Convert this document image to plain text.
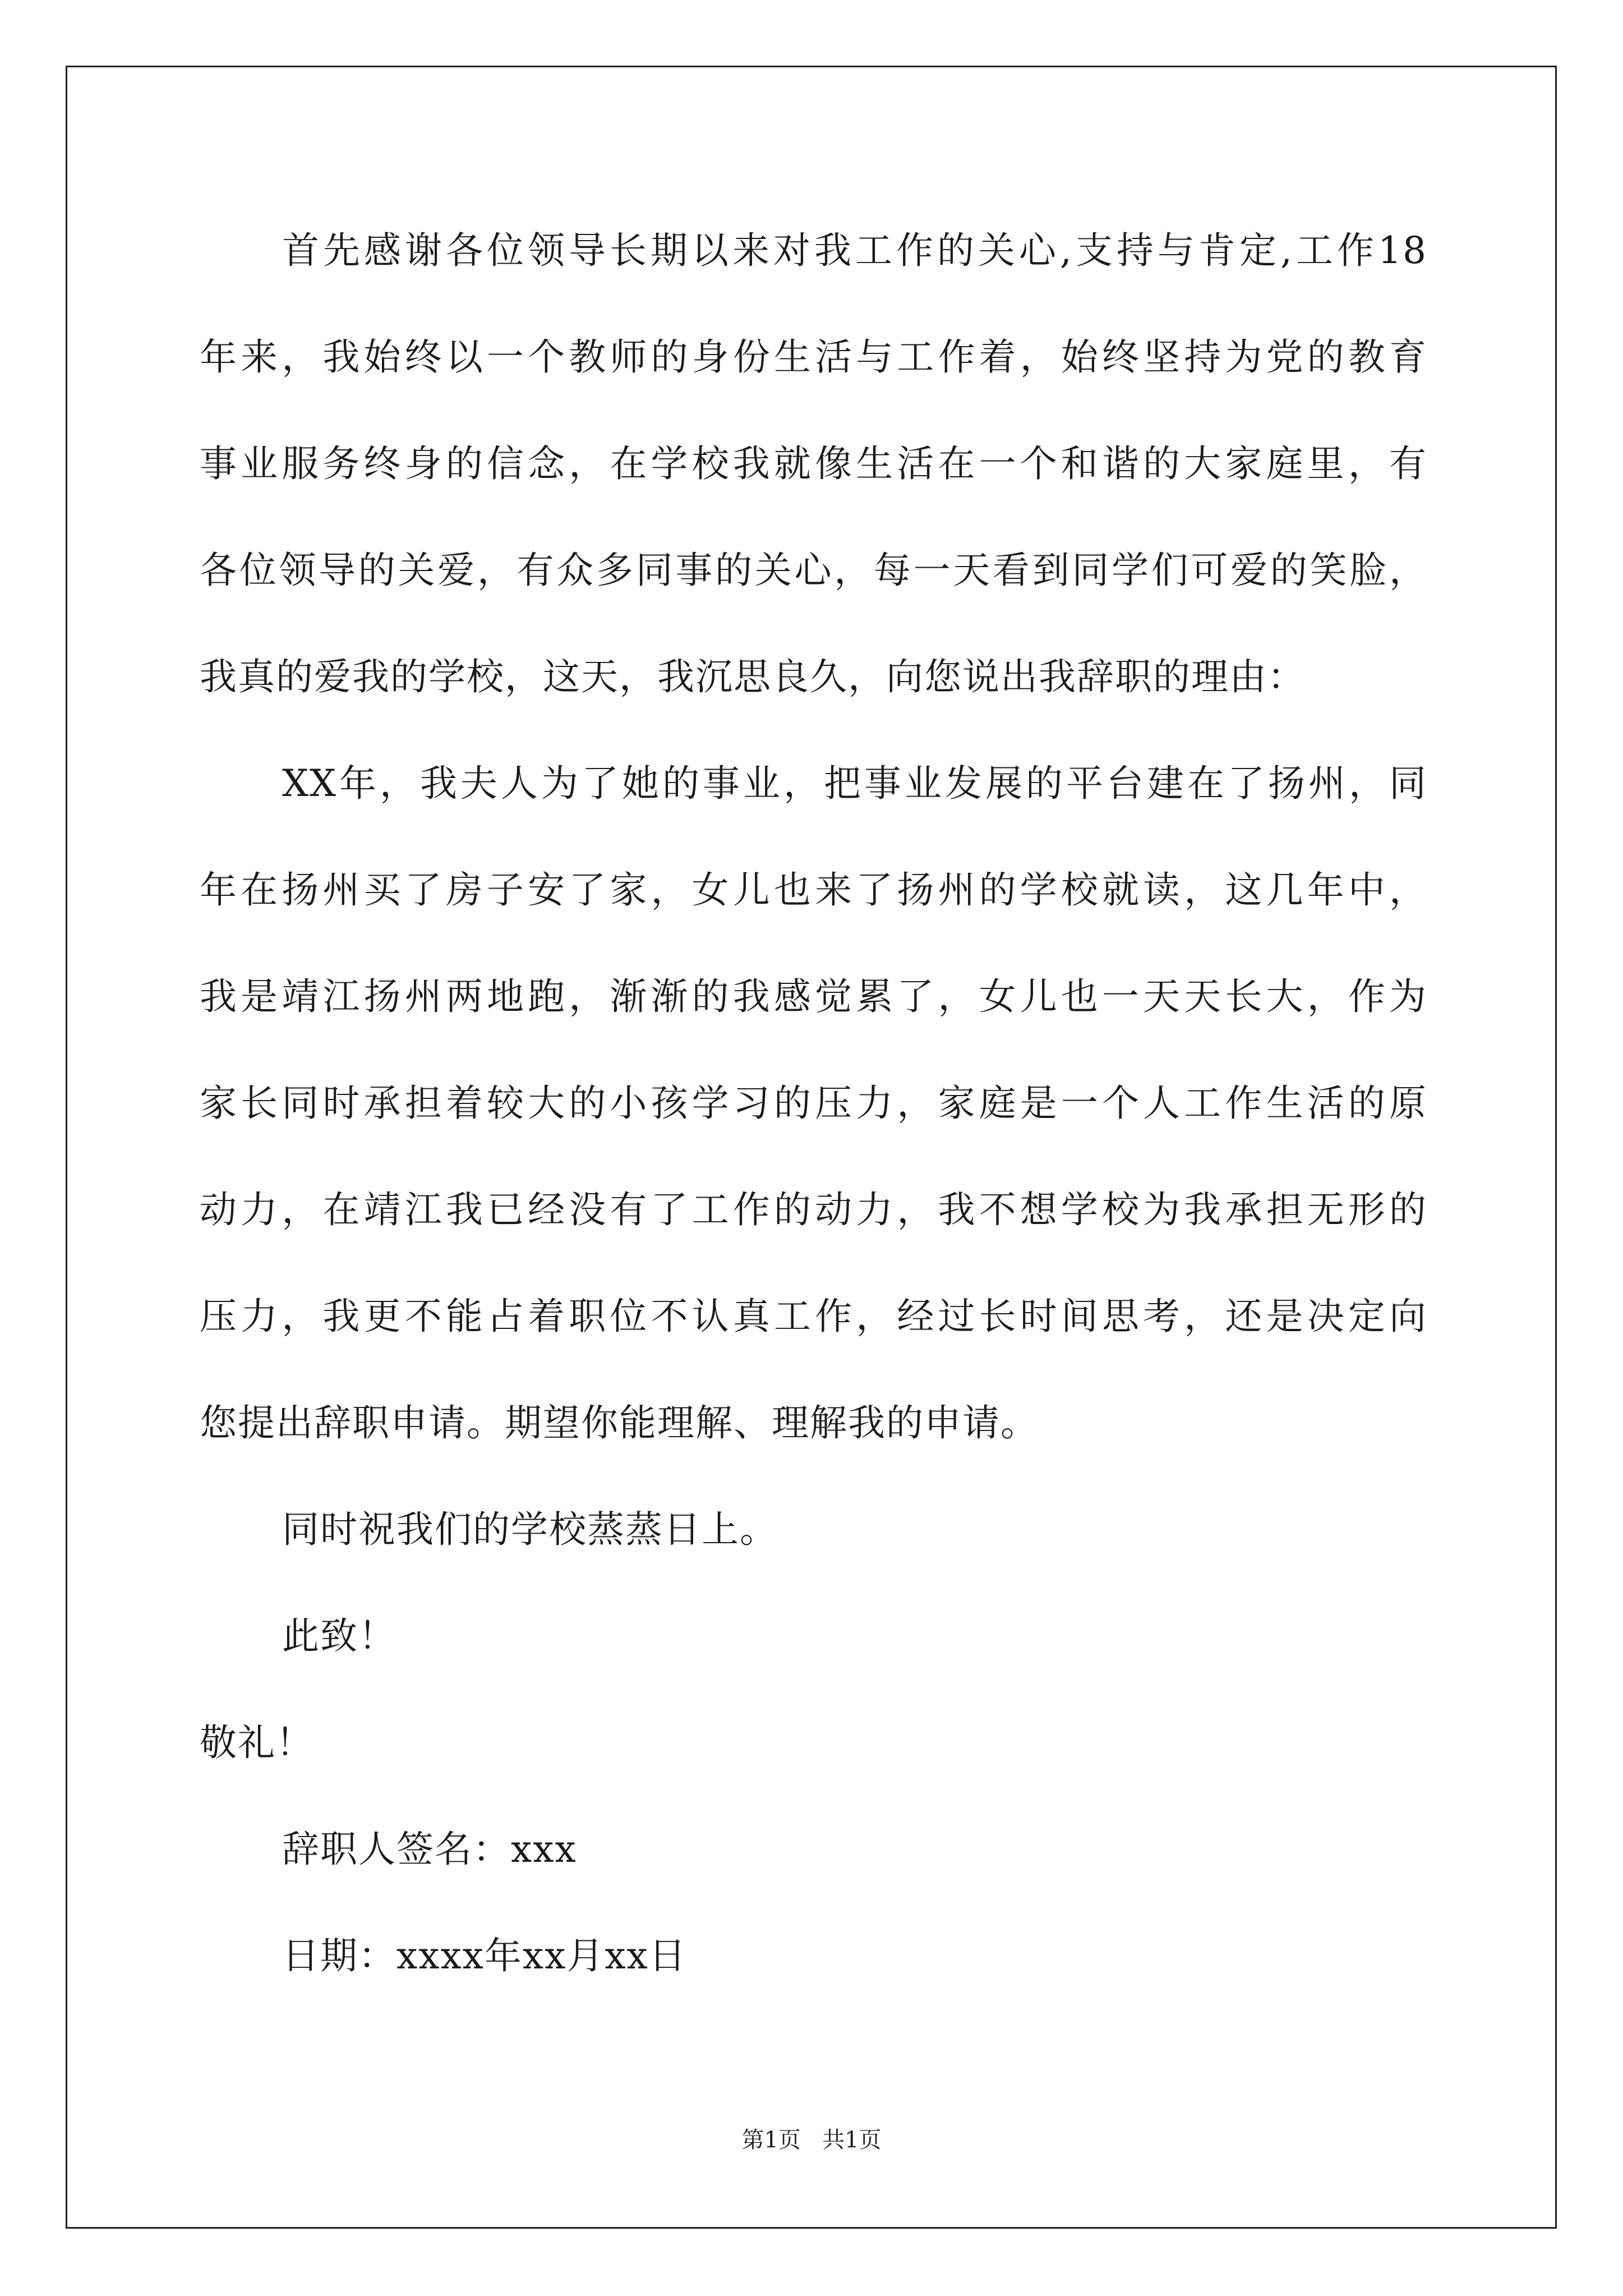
首先感谢各位领导长期以来对我工作的关心,支持与肯定,工作18
年来，我始终以一个教师的身份生活与工作着，始终坚持为党的教育
事业服务终身的信念，在学校我就像生活在一个和谐的大家庭里，有
各位领导的关爱，有众多同事的关心，每一天看到同学们可爱的笑脸，
我真的爱我的学校，这天，我沉思良久，向您说出我辞职的理由：
XX年，我夫人为了她的事业，把事业发展的平台建在了扬州，同
年在扬州买了房子安了家，女儿也来了扬州的学校就读，这几年中，
我是靖江扬州两地跑，渐渐的我感觉累了，女儿也一天天长大，作为
家长同时承担着较大的小孩学习的压力，家庭是一个人工作生活的原
动力，在靖江我已经没有了工作的动力，我不想学校为我承担无形的
压力，我更不能占着职位不认真工作，经过长时间思考，还是决定向
您提出辞职申请。期望你能理解、理解我的申请。
同时祝我们的学校蒸蒸日上。
此致！
敬礼！
辞职人签名：xxx
日期：xxxx年xx月xx日
第1页   共1页
